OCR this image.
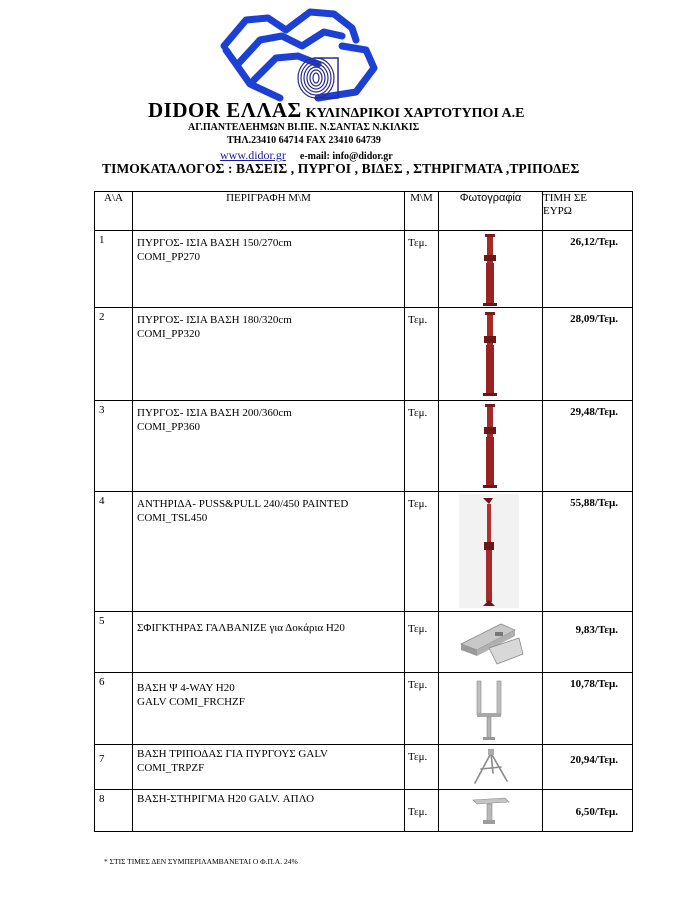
DIDOR ΕΛΛΑΣ ΚΥΛΙΝΔΡΙΚΟΙ ΧΑΡΤΟΤΥΠΟΙ Α.Ε
ΑΓ.ΠΑΝΤΕΛΕΗΜΩΝ ΒΙ.ΠΕ. Ν.ΣΑΝΤΑΣ Ν.ΚΙΛΚΙΣ
ΤΗΛ.23410 64714 FAX 23410 64739
www.didor.gr e-mail: info@didor.gr
ΤΙΜΟΚΑΤΑΛΟΓΟΣ : ΒΑΣΕΙΣ , ΠΥΡΓΟΙ , ΒΙΔΕΣ , ΣΤΗΡΙΓΜΑΤΑ ,ΤΡΙΠΟΔΕΣ
Α\Α	ΠΕΡΙΓΡΑΦΗ Μ\Μ	Μ\Μ	Φωτογραφία	ΤΙΜΗ ΣΕ
ΕΥΡΩ

1	ΠΥΡΓΟΣ- ΙΣΙΑ ΒΑΣΗ 150/270cm
COMI_PP270	Τεμ.		26,12/Τεμ.
2	ΠΥΡΓΟΣ- ΙΣΙΑ ΒΑΣΗ 180/320cm
COMI_PP320	Τεμ.		28,09/Τεμ.
3	ΠΥΡΓΟΣ- ΙΣΙΑ ΒΑΣΗ 200/360cm
COMI_PP360	Τεμ.		29,48/Τεμ.
4	ΑΝΤΗΡΙΔΑ- PUSS&PULL 240/450 PAINTED
COMI_TSL450	Τεμ.		55,88/Τεμ.
5	ΣΦΙΓΚΤΗΡΑΣ ΓΑΛΒΑΝΙΖΕ για Δοκάρια Η20	Τεμ.		9,83/Τεμ.
6	ΒΑΣΗ Ψ 4-WAY H20
GALV COMI_FRCHZF	Τεμ.		10,78/Τεμ.
7	ΒΑΣΗ ΤΡΙΠΟΔΑΣ ΓΙΑ ΠΥΡΓΟΥΣ GALV
COMI_TRPZF	Τεμ.		20,94/Τεμ.
8	ΒΑΣΗ-ΣΤΗΡΙΓΜΑ Η20 GALV. ΑΠΛΟ	Τεμ.		6,50/Τεμ.
* ΣΤΙΣ ΤΙΜΕΣ ΔΕΝ ΣΥΜΠΕΡΙΛΑΜΒΑΝΕΤΑΙ Ο Φ.Π.Α. 24%
